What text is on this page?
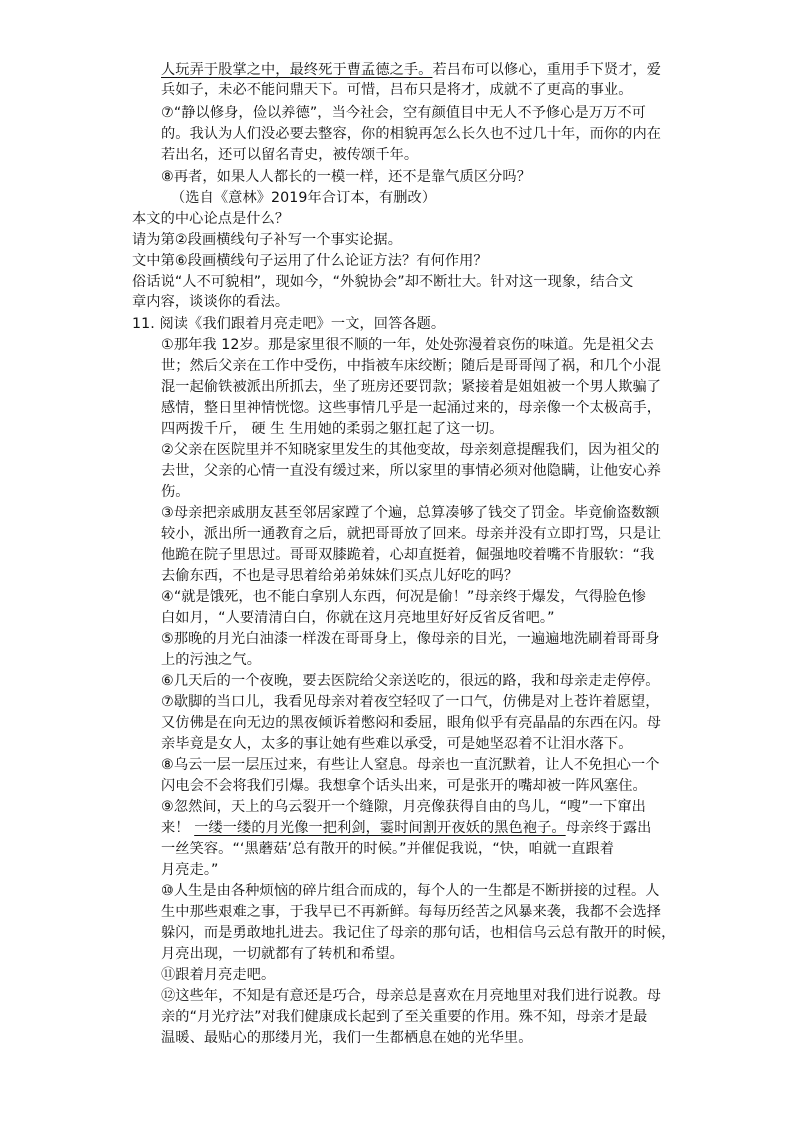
人玩弄于股掌之中，最终死于曹孟德之手。若吕布可以修心，重用手下贤才，爱
兵如子，未必不能问鼎天下。可惜，吕布只是将才，成就不了更高的事业。
⑦“静以修身，俭以养德”，当今社会，空有颜值目中无人不予修心是万万不可
的。我认为人们没必要去整容，你的相貌再怎么长久也不过几十年，而你的内在
若出名，还可以留名青史，被传颂千年。
⑧再者，如果人人都长的一模一样，还不是靠气质区分吗？
（选自《意林》2019年合订本，有删改）
本文的中心论点是什么？
请为第②段画横线句子补写一个事实论据。
文中第⑥段画横线句子运用了什么论证方法？有何作用？
俗话说“人不可貌相”，现如今，“外貌协会”却不断壮大。针对这一现象，结合文
章内容，谈谈你的看法。
11. 阅读《我们跟着月亮走吧》一文，回答各题。
①那年我 12岁。那是家里很不顺的一年，处处弥漫着哀伤的味道。先是祖父去
世；然后父亲在工作中受伤，中指被车床绞断；随后是哥哥闯了祸，和几个小混
混一起偷铁被派出所抓去，坐了班房还要罚款；紧接着是姐姐被一个男人欺骗了
感情，整日里神情恍惚。这些事情几乎是一起涌过来的，母亲像一个太极高手，
四两拨千斤， 硬 生 生用她的柔弱之躯扛起了这一切。
②父亲在医院里并不知晓家里发生的其他变故，母亲刻意提醒我们，因为祖父的
去世，父亲的心情一直没有缓过来，所以家里的事情必须对他隐瞒，让他安心养
伤。
③母亲把亲戚朋友甚至邻居家蹚了个遍，总算凑够了钱交了罚金。毕竟偷盗数额
较小，派出所一通教育之后，就把哥哥放了回来。母亲并没有立即打骂，只是让
他跪在院子里思过。哥哥双膝跪着，心却直挺着，倔强地咬着嘴不肯服软：“我
去偷东西，不也是寻思着给弟弟妹妹们买点儿好吃的吗？
④“就是饿死，也不能白拿别人东西，何况是偷！”母亲终于爆发，气得脸色惨
白如月，“人要清清白白，你就在这月亮地里好好反省反省吧。”
⑤那晚的月光白油漆一样泼在哥哥身上，像母亲的目光，一遍遍地洗刷着哥哥身
上的污浊之气。
⑥几天后的一个夜晚，要去医院给父亲送吃的，很远的路，我和母亲走走停停。
⑦歇脚的当口儿，我看见母亲对着夜空轻叹了一口气，仿佛是对上苍许着愿望，
又仿佛是在向无边的黑夜倾诉着憋闷和委屈，眼角似乎有亮晶晶的东西在闪。母
亲毕竟是女人，太多的事让她有些难以承受，可是她坚忍着不让泪水落下。
⑧乌云一层一层压过来，有些让人窒息。母亲也一直沉默着，让人不免担心一个
闪电会不会将我们引爆。我想拿个话头出来，可是张开的嘴却被一阵风塞住。
⑨忽然间，天上的乌云裂开一个缝隙，月亮像获得自由的鸟儿，“嗖”一下窜出
来！ 一缕一缕的月光像一把利剑，霎时间割开夜妖的黑色袍子。母亲终于露出
一丝笑容。“‘黑蘑菇’总有散开的时候。”并催促我说，“快，咱就一直跟着
月亮走。”
⑩人生是由各种烦恼的碎片组合而成的，每个人的一生都是不断拼接的过程。人
生中那些艰难之事，于我早已不再新鲜。每每历经苦之风暴来袭，我都不会选择
躲闪，而是勇敢地扎进去。我记住了母亲的那句话，也相信乌云总有散开的时候，
月亮出现，一切就都有了转机和希望。
⑪跟着月亮走吧。
⑫这些年，不知是有意还是巧合，母亲总是喜欢在月亮地里对我们进行说教。母
亲的“月光疗法”对我们健康成长起到了至关重要的作用。殊不知，母亲才是最
温暖、最贴心的那缕月光，我们一生都栖息在她的光华里。
